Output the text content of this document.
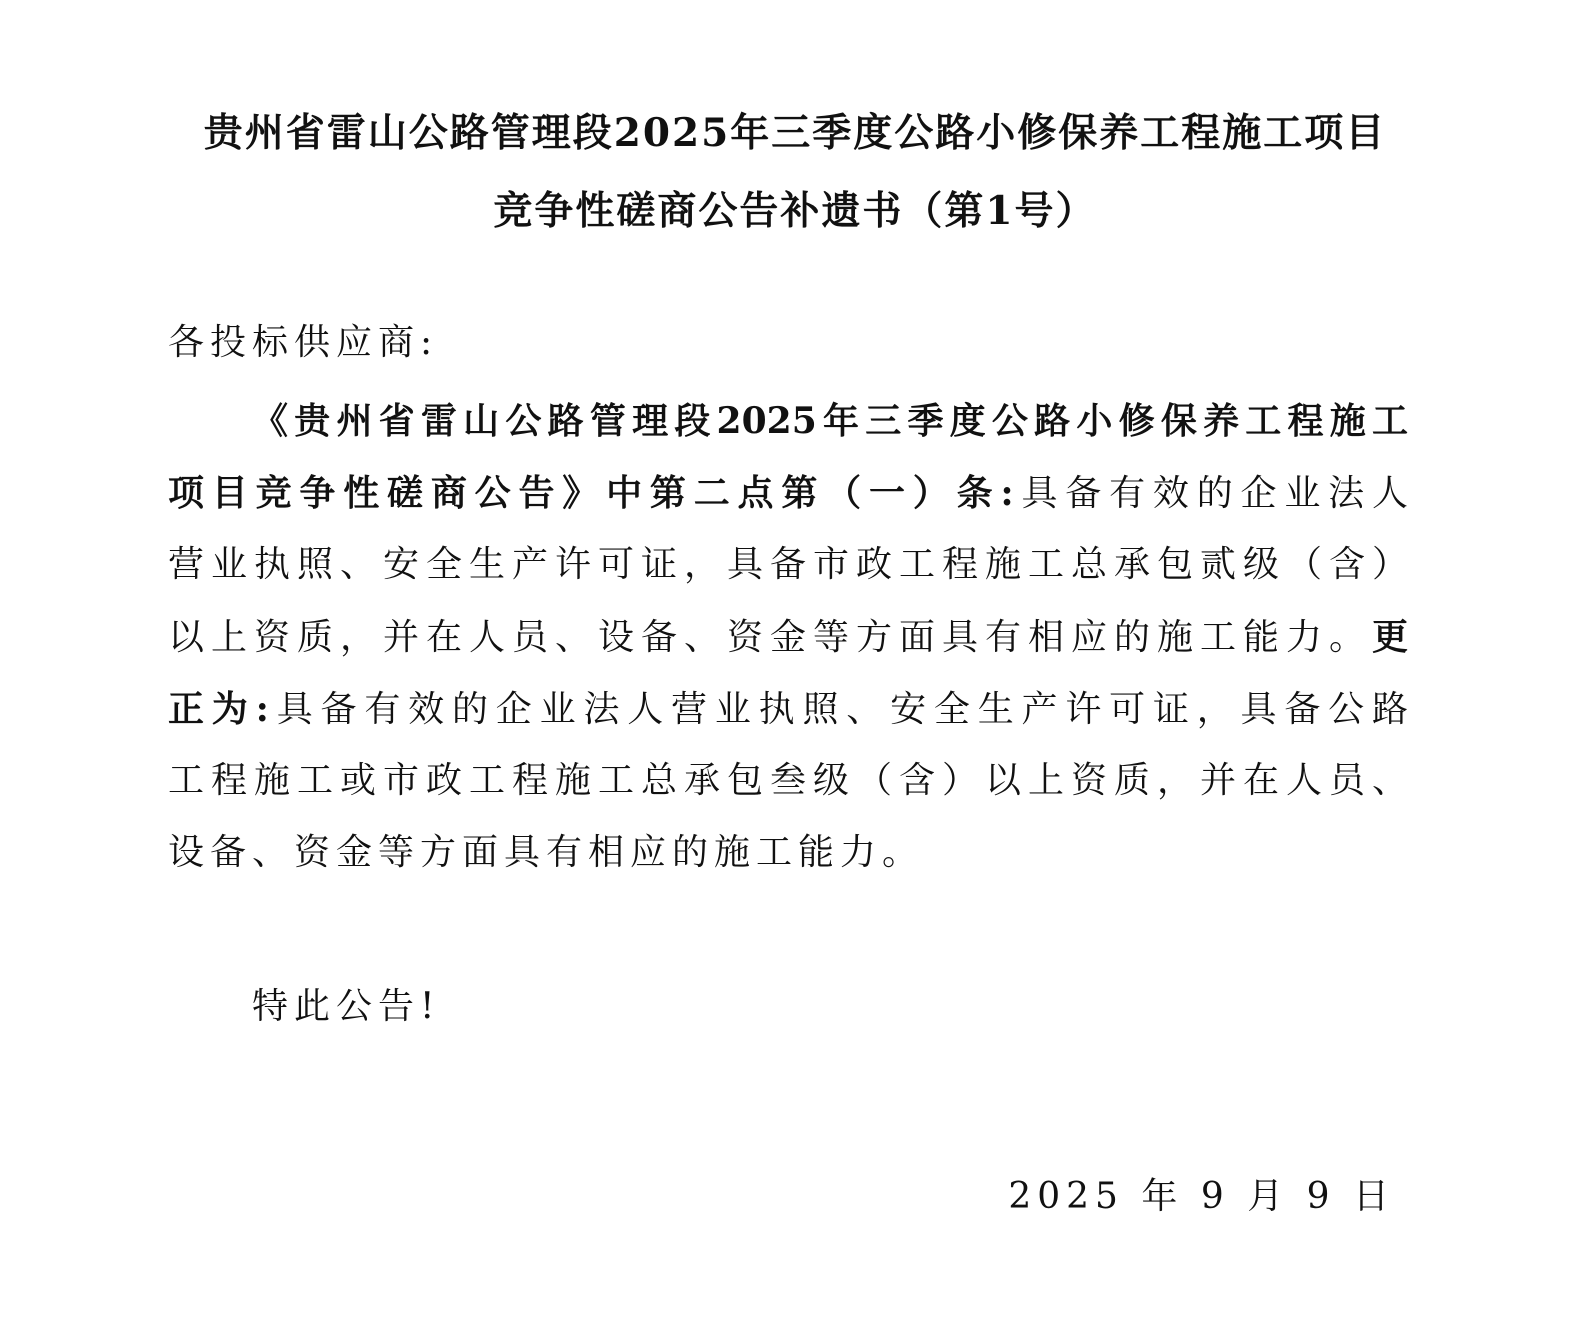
贵州省雷山公路管理段2025年三季度公路小修保养工程施工项目
竞争性磋商公告补遗书（第1号）
各投标供应商:
《贵州省雷山公路管理段2025年三季度公路小修保养工程施工
项目竞争性磋商公告》中第二点第（一）条:具备有效的企业法人
营业执照、安全生产许可证，具备市政工程施工总承包贰级（含）
以上资质，并在人员、设备、资金等方面具有相应的施工能力。更
正为:具备有效的企业法人营业执照、安全生产许可证，具备公路
工程施工或市政工程施工总承包叁级（含）以上资质，并在人员、
设备、资金等方面具有相应的施工能力。
特此公告!
2025 年 9 月 9 日
